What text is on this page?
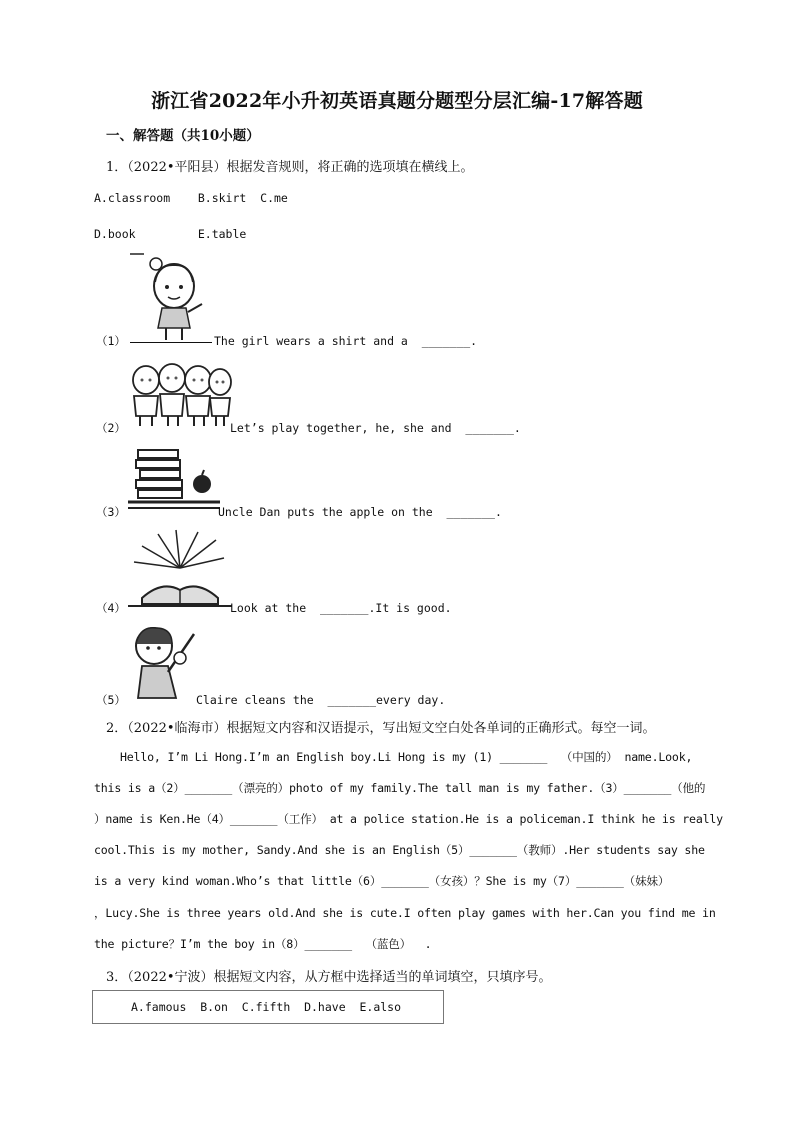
浙江省2022年小升初英语真题分题型分层汇编-17解答题
一、解答题（共10小题）
1．（2022•平阳县）根据发音规则，将正确的选项填在横线上。
A.classroom    B.skirt  C.me
D.book         E.table
（1）	The girl wears a shirt and a  _______.
（2）	Let’s play together, he, she and  _______.
（3）	Uncle Dan puts the apple on the  _______.
（4）	Look at the  _______.It is good.
（5）	Claire cleans the  _______every day.
2．（2022•临海市）根据短文内容和汉语提示，写出短文空白处各单词的正确形式。每空一词。
Hello, I’m Li Hong.I’m an English boy.Li Hong is my (1) _______  （中国的） name.Look,
this is a（2）_______（漂亮的）photo of my family.The tall man is my father.（3）_______（他的
）name is Ken.He（4）_______（工作） at a police station.He is a policeman.I think he is really
cool.This is my mother, Sandy.And she is an English（5）_______（教师）.Her students say she
is a very kind woman.Who’s that little（6）_______（女孩）？She is my（7）_______（妹妹）
，Lucy.She is three years old.And she is cute.I often play games with her.Can you find me in
the picture？I’m the boy in（8）_______  （蓝色）  .
3．（2022•宁波）根据短文内容，从方框中选择适当的单词填空，只填序号。
A.famous  B.on  C.fifth  D.have  E.also
